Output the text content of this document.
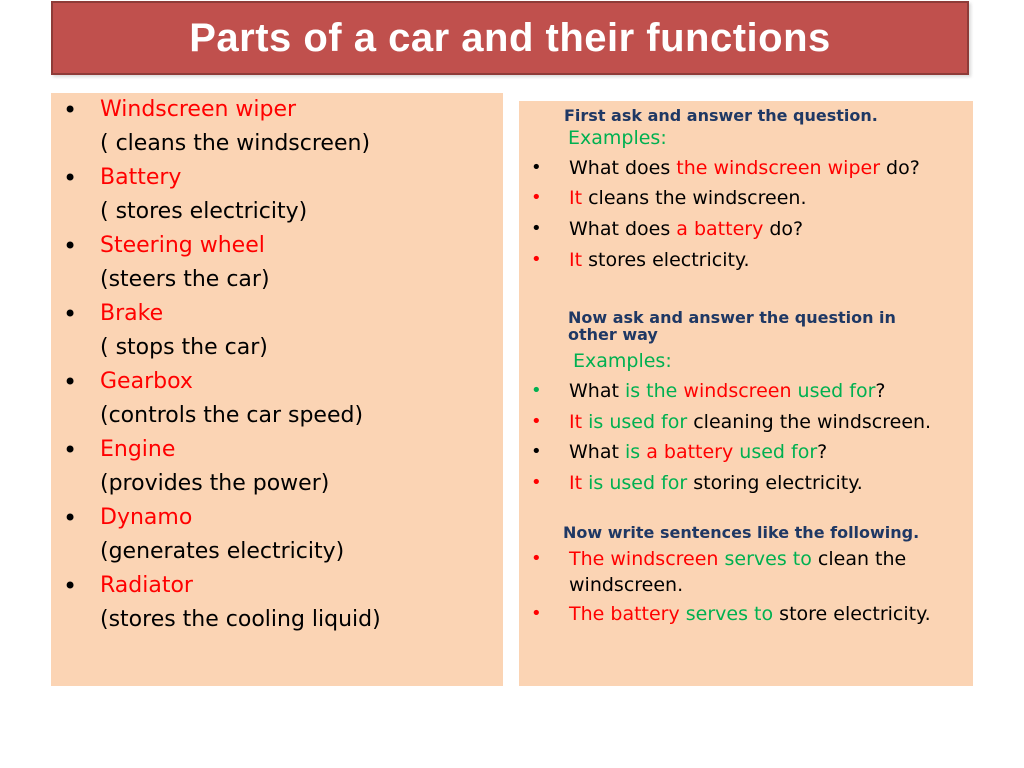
Parts of a car and their functions
• Windscreen wiper
( cleans the windscreen)
• Battery
( stores electricity)
• Steering wheel
(steers the car)
• Brake
( stops the car)
• Gearbox
(controls the car speed)
• Engine
(provides the power)
• Dynamo
(generates electricity)
• Radiator
(stores the cooling liquid)
First ask and answer the question.
Examples:
• What does the windscreen wiper do?
• It cleans the windscreen.
• What does a battery do?
• It stores electricity.
Now ask and answer the question in
other way
Examples:
• What is the windscreen used for?
• It is used for cleaning the windscreen.
• What is a battery used for?
• It is used for storing electricity.
Now write sentences like the following.
• The windscreen serves to clean the windscreen.
• The battery serves to store electricity.
